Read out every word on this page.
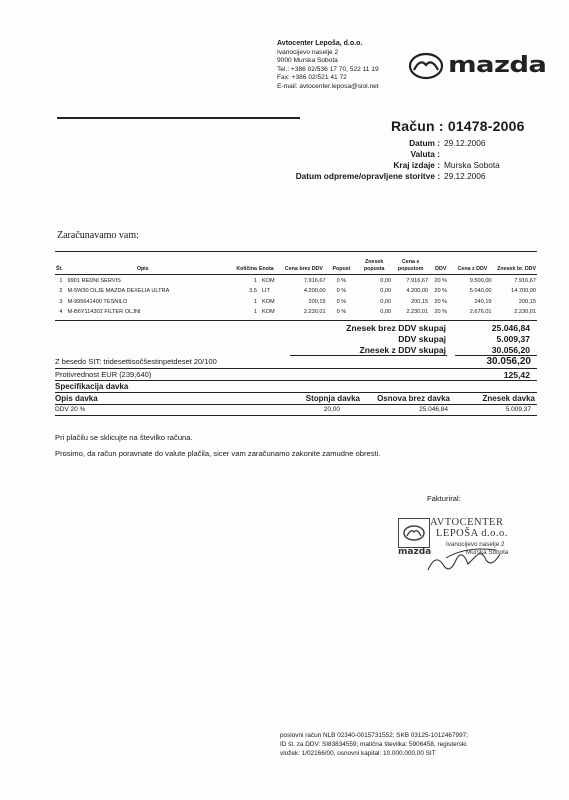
Avtocenter Lepoša, d.o.o.
Ivanocijevo naselje 2
9000 Murska Sobota
Tel.: +386 02/536 17 70, 522 11 19
Fax: +386 02/521 41 72
E-mail: avtocenter.leposa@siol.net
mazda
Račun : 01478-2006
Datum : 29.12.2006
Valuta :
Kraj izdaje : Murska Sobota
Datum odpreme/opravljene storitve : 29.12.2006
Zaračunavamo vam:
Št.	Opis	Količina	Enota	Cena brez DDV	Popust	Znesek popusta	Cena s popustom	DDV	Cena z DDV	Znesek br. DDV

1	9901 REDNI SERVIS	1	KOM	7.916,67	0 %	0,00	7.916,67	20 %	9.500,00	7.916,67
2	M-5W30 OLJE MAZDA DEXELIA ULTRA	3,5	LIT	4.200,00	0 %	0,00	4.200,00	20 %	5.040,00	14.700,00
3	M-995641400 TESNILO	1	KOM	200,15	0 %	0,00	200,15	20 %	240,19	200,15
4	M-B6Y114302 FILTER OLJNI	1	KOM	2.230,01	0 %	0,00	2.230,01	20 %	2.676,01	2.230,01
Znesek brez DDV skupaj	25.046,84
DDV skupaj	5.009,37
Znesek z DDV skupaj	30.056,20
Z besedo SIT: tridesettisočšestinpetdeset 20/100	30.056,20
Protivrednost EUR (239,640)	125,42
Specifikacija davka
Opis davka	Stopnja davka	Osnova brez davka	Znesek davka
DDV 20 %	20,00	25.046,84	5.009,37
Pri plačilu se sklicujte na številko računa.
Prosimo, da račun poravnate do valute plačila, sicer vam zaračunamo zakonite zamudne obresti.
Fakturiral:
AVTOCENTER
LEPOŠA d.o.o.
Ivanocijevo naselje 2
Murska Sobota
mazda
poslovni račun NLB 02340-0015731552; SKB 03125-1012467997;
ID št. za DDV: SI83834559; matična številka: 5906458, registerski
vložek: 1/02166/00, osnovni kapital: 10.000.000,00 SIT
